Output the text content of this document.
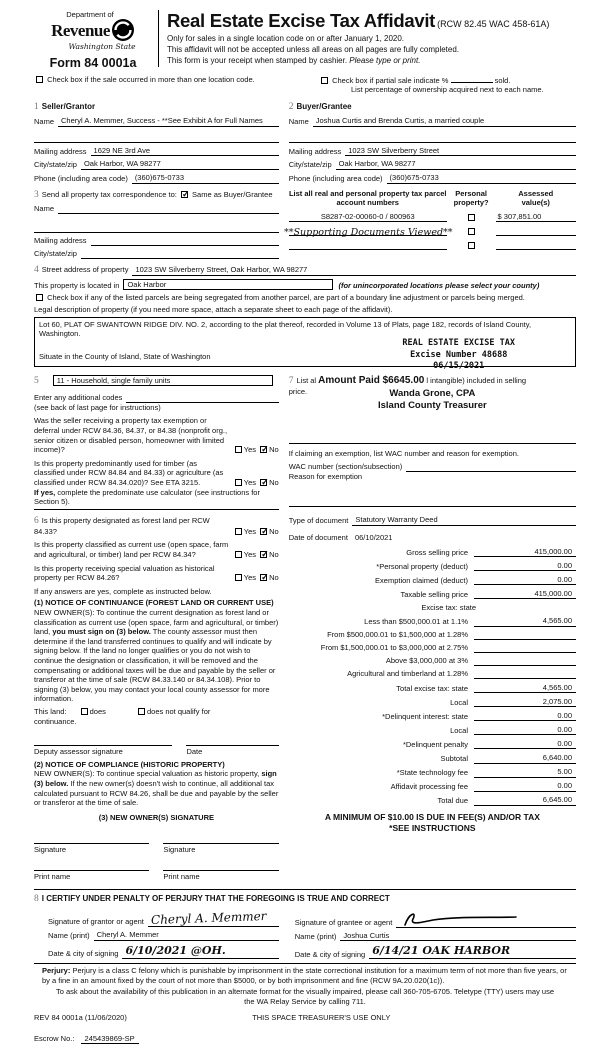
Department of
Revenue
Washington State
Form 84 0001a
Real Estate Excise Tax Affidavit (RCW 82.45 WAC 458-61A)
Only for sales in a single location code on or after January 1, 2020.
This affidavit will not be accepted unless all areas on all pages are fully completed.
This form is your receipt when stamped by cashier. Please type or print.
Check box if the sale occurred in more than one location code.	Check box if partial sale indicate %	sold.
List percentage of ownership acquired next to each name.
1 Seller/Grantor
Name Cheryl A. Memmer, Success - **See Exhibit A for Full Names
Mailing address 1629 NE 3rd Ave
City/state/zip Oak Harbor, WA 98277
Phone (including area code) (360)675-0733
2 Buyer/Grantee
Name Joshua Curtis and Brenda Curtis, a married couple
Mailing address 1023 SW Silverberry Street
City/state/zip Oak Harbor, WA 98277
Phone (including area code) (360)675-0733
3 Send all property tax correspondence to: ✓ Same as Buyer/Grantee
Name
Mailing address
City/state/zip
List all real and personal property tax parcel account numbers
Personal
property?
Assessed
value(s)
S8287-02-00060-0 / 800963	$ 307,851.00
**Supporting Documents Viewed**
4 Street address of property 1023 SW Silverberry Street, Oak Harbor, WA 98277
This property is located in	Oak Harbor	(for unincorporated locations please select your county)
Check box if any of the listed parcels are being segregated from another parcel, are part of a boundary line adjustment or parcels being merged.
Legal description of property (if you need more space, attach a separate sheet to each page of the affidavit).
Lot 60, PLAT OF SWANTOWN RIDGE DIV. NO. 2, according to the plat thereof, recorded in Volume 13 of Plats, page 182, records of Island County, Washington.
Situate in the County of Island, State of Washington
REAL ESTATE EXCISE TAX
Excise Number 48688
06/15/2021
5	11 - Household, single family units
Enter any additional codes
(see back of last page for instructions)
Was the seller receiving a property tax exemption or deferral under RCW 84.36, 84.37, or 84.38 (nonprofit org., senior citizen or disabled person, homeowner with limited income)?	Yes ✓ No
Is this property predominantly used for timber (as classified under RCW 84.84 and 84.33) or agriculture (as classified under RCW 84.34.020)? See ETA 3215.	Yes ✓ No
If yes, complete the predominate use calculator (see instructions for Section 5).
6 Is this property designated as forest land per RCW 84.33?	Yes ✓ No
Is this property classified as current use (open space, farm and agricultural, or timber) land per RCW 84.34?	Yes ✓ No
Is this property receiving special valuation as historical property per RCW 84.26?	Yes ✓ No
If any answers are yes, complete as instructed below.
(1) NOTICE OF CONTINUANCE (FOREST LAND OR CURRENT USE)
NEW OWNER(S): To continue the current designation as forest land or classification as current use (open space, farm and agricultural, or timber) land, you must sign on (3) below. The county assessor must then determine if the land transferred continues to qualify and will indicate by signing below. If the land no longer qualifies or you do not wish to continue the designation or classification, it will be removed and the compensating or additional taxes will be due and payable by the seller or transferor at the time of sale (RCW 84.33.140 or 84.34.108). Prior to signing (3) below, you may contact your local county assessor for more information.
This land:	does	does not qualify for
continuance.
Deputy assessor signature	Date
(2) NOTICE OF COMPLIANCE (HISTORIC PROPERTY)
NEW OWNER(S): To continue special valuation as historic property, sign (3) below. If the new owner(s) doesn't wish to continue, all additional tax calculated pursuant to RCW 84.26, shall be due and payable by the seller or transferor at the time of sale.
(3) NEW OWNER(S) SIGNATURE
Signature
Print name
Signature
Print name
7 List al Amount Paid $6645.00 l intangible) included in selling
price.	Wanda Grone, CPA
Island County Treasurer
If claiming an exemption, list WAC number and reason for exemption.
WAC number (section/subsection)
Reason for exemption
Type of document Statutory Warranty Deed
Date of document 06/10/2021
Gross selling price	415,000.00
*Personal property (deduct)	0.00
Exemption claimed (deduct)	0.00
Taxable selling price	415,000.00
Excise tax: state
Less than $500,000.01 at 1.1%	4,565.00
From $500,000.01 to $1,500,000 at 1.28%
From $1,500,000.01 to $3,000,000 at 2.75%
Above $3,000,000 at 3%
Agricultural and timberland at 1.28%
Total excise tax: state	4,565.00
Local	2,075.00
*Delinquent interest: state	0.00
Local	0.00
*Delinquent penalty	0.00
Subtotal	6,640.00
*State technology fee	5.00
Affidavit processing fee	0.00
Total due	6,645.00
A MINIMUM OF $10.00 IS DUE IN FEE(S) AND/OR TAX
*SEE INSTRUCTIONS
8 I CERTIFY UNDER PENALTY OF PERJURY THAT THE FOREGOING IS TRUE AND CORRECT
Signature of grantor or agent Cheryl A. Memmer
Name (print) Cheryl A. Memmer
Date & city of signing 6/10/2021 @OH.
Signature of grantee or agent
Name (print) Joshua Curtis
Date & city of signing 6/14/21 OAK HARBOR
Perjury: Perjury is a class C felony which is punishable by imprisonment in the state correctional institution for a maximum term of not more than five years, or by a fine in an amount fixed by the court of not more than $5000, or by both imprisonment and fine (RCW 9A.20.020(1c)).
To ask about the availability of this publication in an alternate format for the visually impaired, please call 360-705-6705. Teletype (TTY) users may use the WA Relay Service by calling 711.
REV 84 0001a (11/06/2020)	THIS SPACE TREASURER'S USE ONLY
Escrow No.: 245439869-SP
